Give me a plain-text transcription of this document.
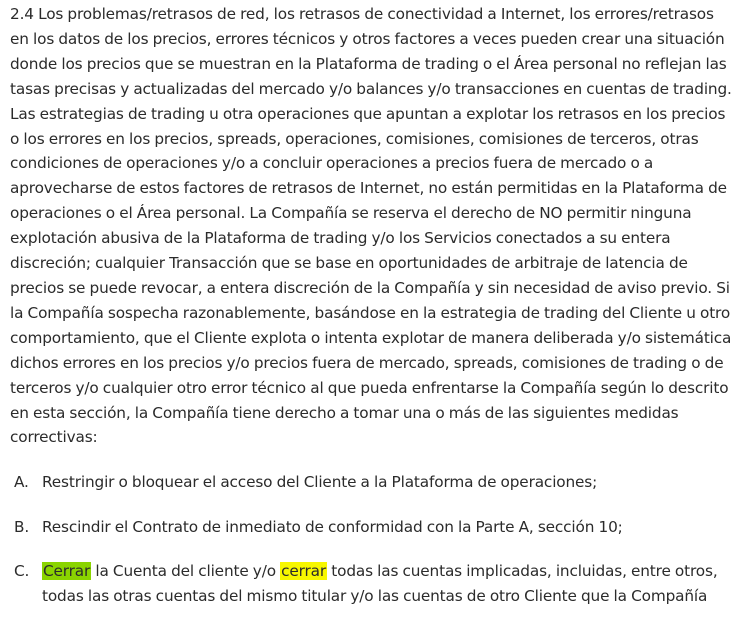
2.4 Los problemas/retrasos de red, los retrasos de conectividad a Internet, los errores/retrasos en los datos de los precios, errores técnicos y otros factores a veces pueden crear una situación donde los precios que se muestran en la Plataforma de trading o el Área personal no reflejan las tasas precisas y actualizadas del mercado y/o balances y/o transacciones en cuentas de trading. Las estrategias de trading u otra operaciones que apuntan a explotar los retrasos en los precios o los errores en los precios, spreads, operaciones, comisiones, comisiones de terceros, otras condiciones de operaciones y/o a concluir operaciones a precios fuera de mercado o a aprovecharse de estos factores de retrasos de Internet, no están permitidas en la Plataforma de operaciones o el Área personal. La Compañía se reserva el derecho de NO permitir ninguna explotación abusiva de la Plataforma de trading y/o los Servicios conectados a su entera discreción; cualquier Transacción que se base en oportunidades de arbitraje de latencia de precios se puede revocar, a entera discreción de la Compañía y sin necesidad de aviso previo. Si la Compañía sospecha razonablemente, basándose en la estrategia de trading del Cliente u otro comportamiento, que el Cliente explota o intenta explotar de manera deliberada y/o sistemática dichos errores en los precios y/o precios fuera de mercado, spreads, comisiones de trading o de terceros y/o cualquier otro error técnico al que pueda enfrentarse la Compañía según lo descrito en esta sección, la Compañía tiene derecho a tomar una o más de las siguientes medidas correctivas:

A. Restringir o bloquear el acceso del Cliente a la Plataforma de operaciones;
B. Rescindir el Contrato de inmediato de conformidad con la Parte A, sección 10;
C. Cerrar la Cuenta del cliente y/o cerrar todas las cuentas implicadas, incluidas, entre otros, todas las otras cuentas del mismo titular y/o las cuentas de otro Cliente que la Compañía
